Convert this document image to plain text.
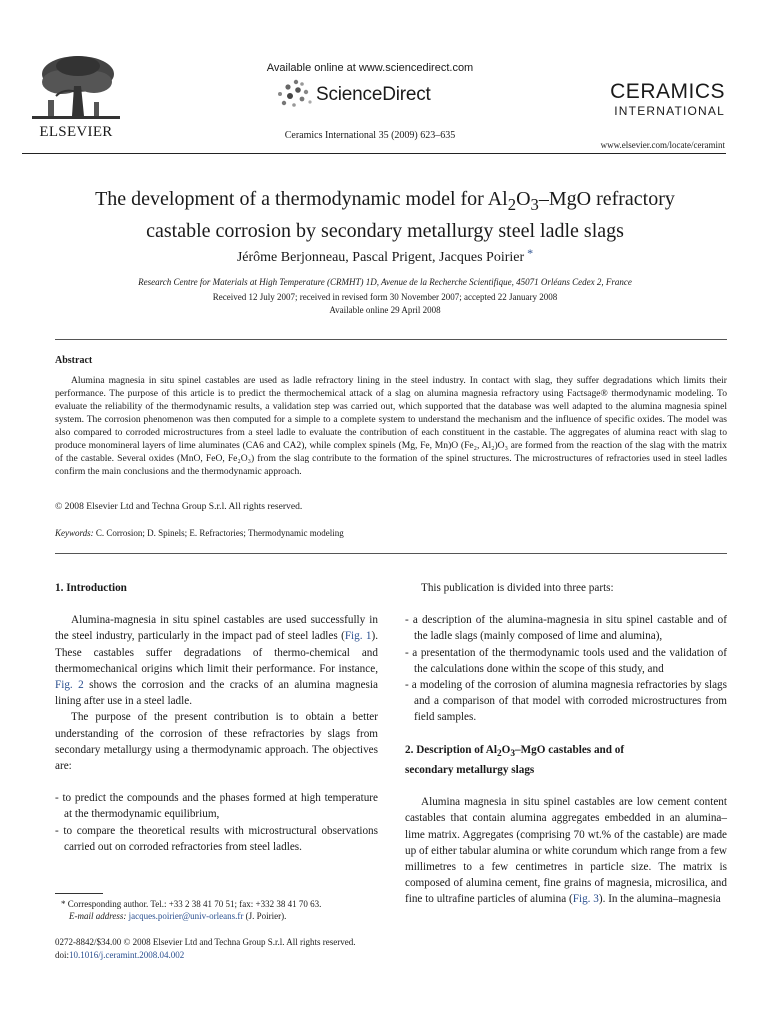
ELSEVIER
Available online at www.sciencedirect.com
ScienceDirect
Ceramics International 35 (2009) 623–635
CERAMICS
INTERNATIONAL
www.elsevier.com/locate/ceramint
The development of a thermodynamic model for $Al_2O_3$–MgO refractory
castable corrosion by secondary metallurgy steel ladle slags
Jérôme Berjonneau, Pascal Prigent, Jacques Poirier *
Research Centre for Materials at High Temperature (CRMHT) 1D, Avenue de la Recherche Scientifique, 45071 Orléans Cedex 2, France
Received 12 July 2007; received in revised form 30 November 2007; accepted 22 January 2008
Available online 29 April 2008
Abstract

Alumina magnesia in situ spinel castables are used as ladle refractory lining in the steel industry. In contact with slag, they suffer degradations which limits their performance. The purpose of this article is to predict the thermochemical attack of a slag on alumina magnesia refractory using Factsage® thermodynamic modeling. To evaluate the reliability of the thermodynamic results, a validation step was carried out, which supported that the database was well adapted to the alumina magnesia spinel system. The corrosion phenomenon was then computed for a simple to a complete system to understand the mechanism and the influence of specific oxides. The model was also compared to corroded microstructures from a steel ladle to evaluate the contribution of each constituent in the castable. The aggregates of alumina react with slag to produce monomineral layers of lime aluminates (CA6 and CA2), while complex spinels (Mg, Fe, Mn)O (Fe₂, Al₂)O₃ are formed from the reaction of the slag with the matrix of the castable. Several oxides (MnO, FeO, Fe₂O₃) from the slag contribute to the formation of the spinel structures. The microstructures of refractories used in steel ladles confirm the main conclusions and the thermodynamic approach.

© 2008 Elsevier Ltd and Techna Group S.r.l. All rights reserved.
Keywords: C. Corrosion; D. Spinels; E. Refractories; Thermodynamic modeling
1. Introduction

Alumina-magnesia in situ spinel castables are used successfully in the steel industry, particularly in the impact pad of steel ladles (Fig. 1). These castables suffer degradations of thermo-chemical and thermomechanical origins which limit their performance. For instance, Fig. 2 shows the corrosion and the cracks of an alumina magnesia lining after use in a steel ladle.

The purpose of the present contribution is to obtain a better understanding of the corrosion of these refractories by slags from secondary metallurgy using a thermodynamic approach. The objectives are:

- to predict the compounds and the phases formed at high temperature at the thermodynamic equilibrium,

- to compare the theoretical results with microstructural observations carried out on corroded refractories from steel ladles.

* Corresponding author. Tel.: +33 2 38 41 70 51; fax: +332 38 41 70 63.
E-mail address: jacques.poirier@univ-orleans.fr (J. Poirier).
0272-8842/$34.00 © 2008 Elsevier Ltd and Techna Group S.r.l. All rights reserved.
doi:10.1016/j.ceramint.2008.04.002

This publication is divided into three parts:

- a description of the alumina-magnesia in situ spinel castable and of the ladle slags (mainly composed of lime and alumina),

- a presentation of the thermodynamic tools used and the validation of the calculations done within the scope of this study, and

- a modeling of the corrosion of alumina magnesia refractories by slags and a comparison of that model with corroded microstructures from field samples.

2. Description of $Al_2O_3$–MgO castables and of
secondary metallurgy slags

Alumina magnesia in situ spinel castables are low cement content castables that contain alumina aggregates embedded in an alumina–lime matrix. Aggregates (comprising 70 wt.% of the castable) are made up of either tabular alumina or white corundum which range from a few millimetres to a few centimetres in particle size. The matrix is composed of alumina cement, fine grains of magnesia, microsilica, and fine to ultrafine particles of alumina (Fig. 3). In the alumina–magnesia
